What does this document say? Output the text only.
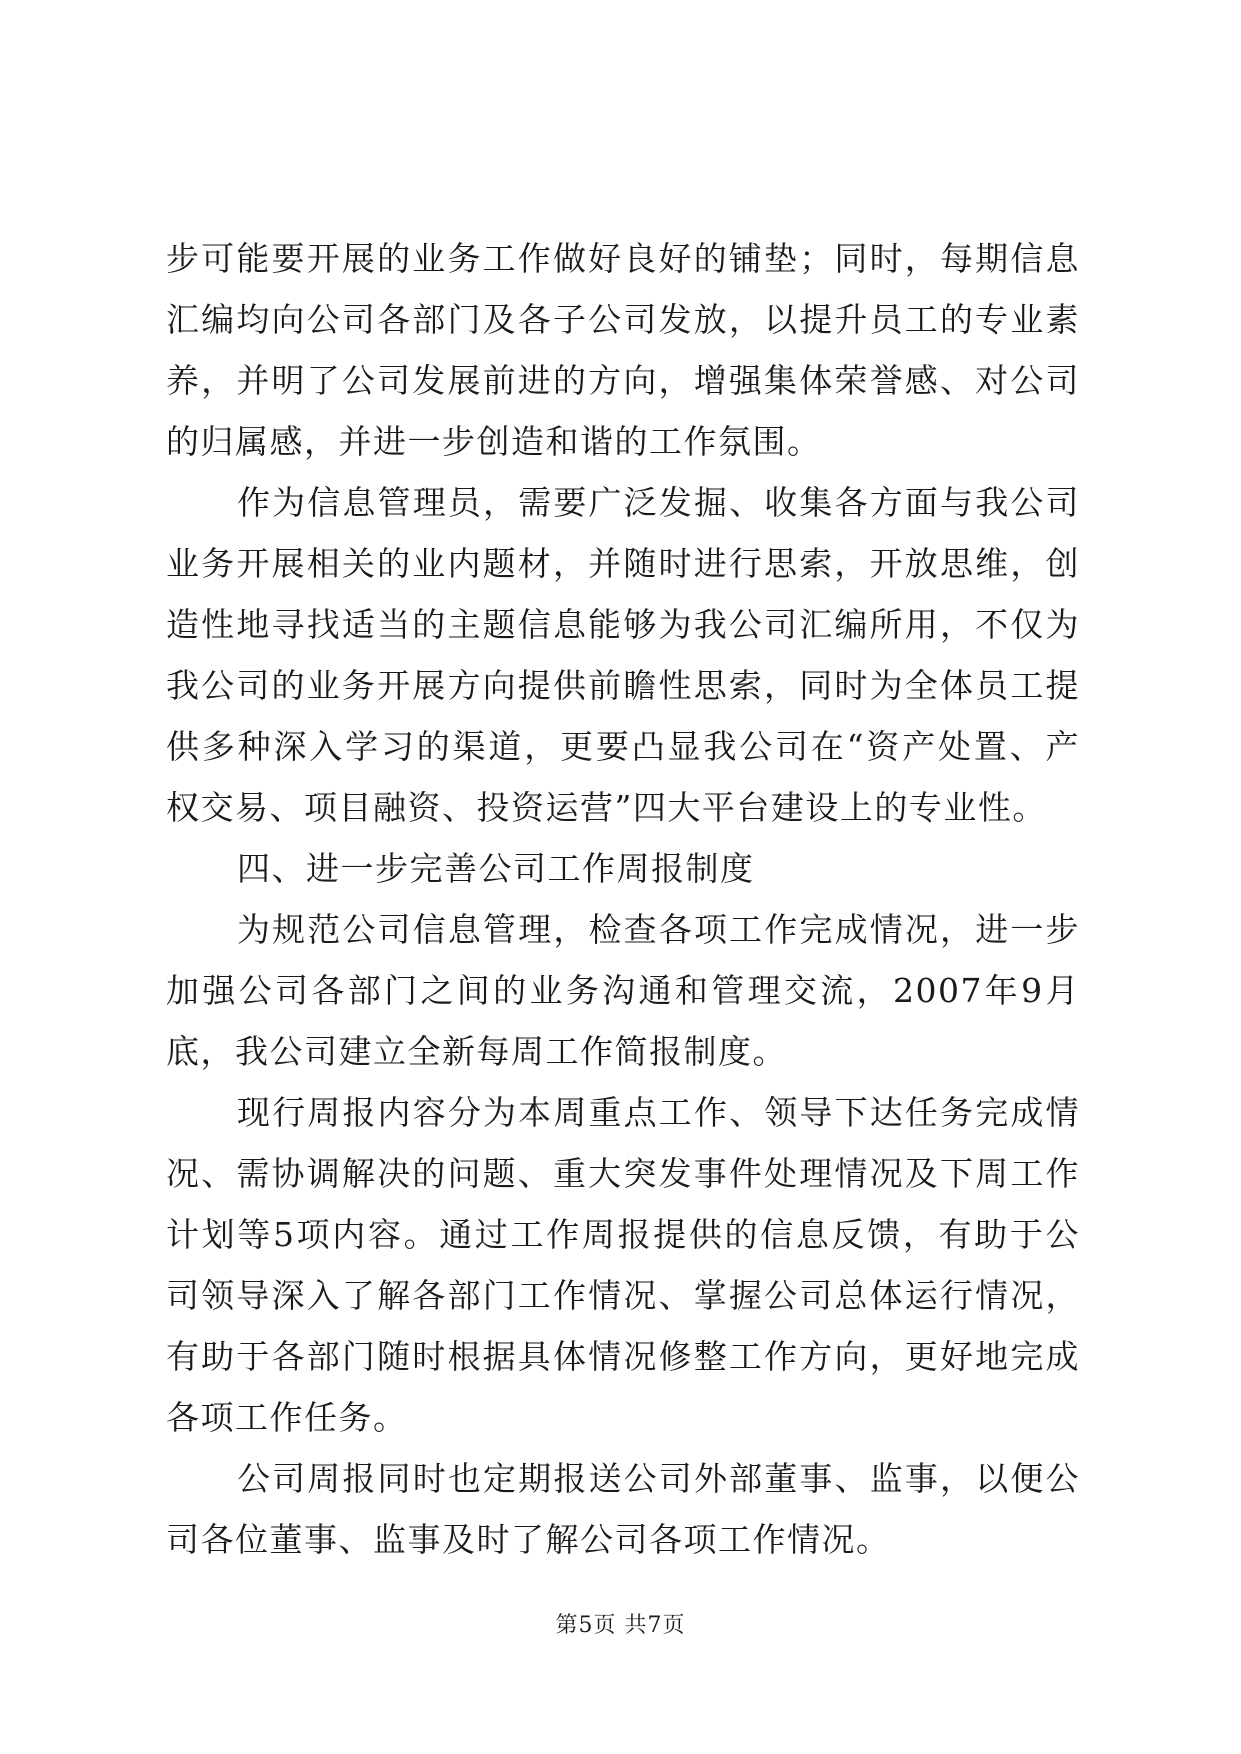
步可能要开展的业务工作做好良好的铺垫；同时，每期信息汇编均向公司各部门及各子公司发放，以提升员工的专业素养，并明了公司发展前进的方向，增强集体荣誉感、对公司的归属感，并进一步创造和谐的工作氛围。

作为信息管理员，需要广泛发掘、收集各方面与我公司业务开展相关的业内题材，并随时进行思索，开放思维，创造性地寻找适当的主题信息能够为我公司汇编所用，不仅为我公司的业务开展方向提供前瞻性思索，同时为全体员工提供多种深入学习的渠道，更要凸显我公司在“资产处置、产权交易、项目融资、投资运营”四大平台建设上的专业性。

四、进一步完善公司工作周报制度

为规范公司信息管理，检查各项工作完成情况，进一步加强公司各部门之间的业务沟通和管理交流，2007年9月底，我公司建立全新每周工作简报制度。

现行周报内容分为本周重点工作、领导下达任务完成情况、需协调解决的问题、重大突发事件处理情况及下周工作计划等5项内容。通过工作周报提供的信息反馈，有助于公司领导深入了解各部门工作情况、掌握公司总体运行情况，有助于各部门随时根据具体情况修整工作方向，更好地完成各项工作任务。

公司周报同时也定期报送公司外部董事、监事，以便公司各位董事、监事及时了解公司各项工作情况。

第5页 共7页
